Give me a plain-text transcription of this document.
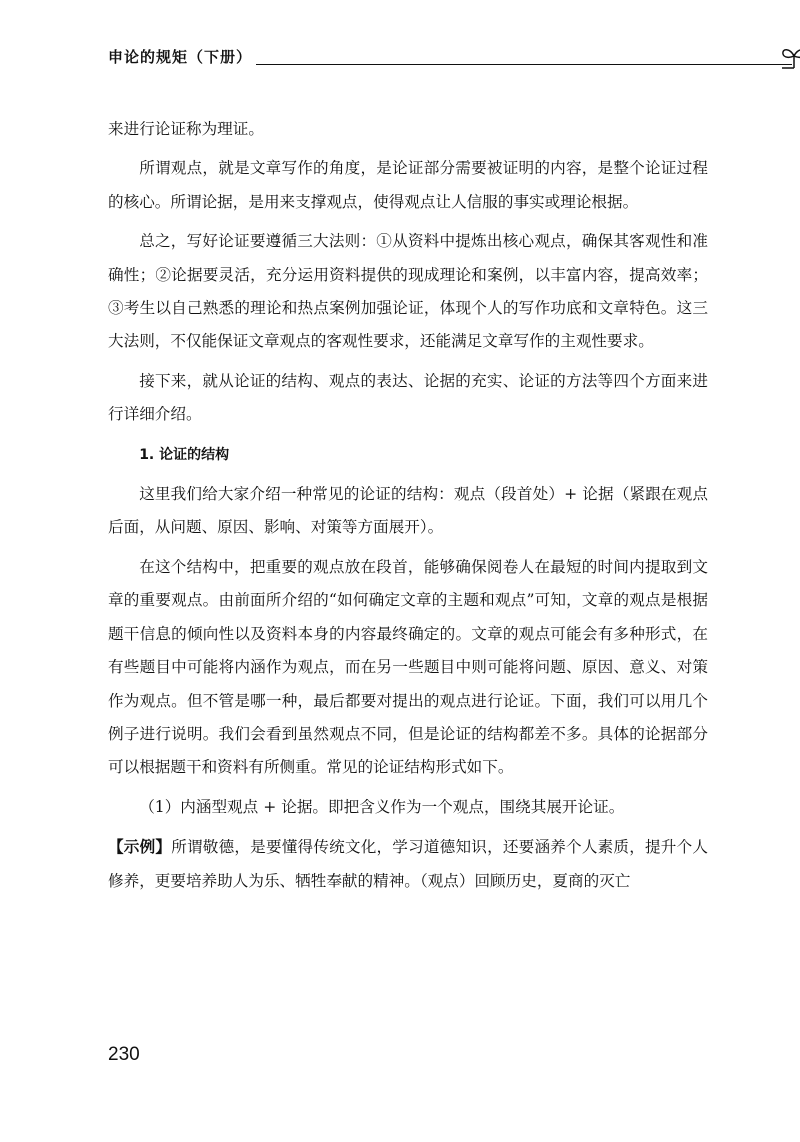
申论的规矩（下册）

来进行论证称为理证。

所谓观点，就是文章写作的角度，是论证部分需要被证明的内容，是整个论证过程的核心。所谓论据，是用来支撑观点，使得观点让人信服的事实或理论根据。

总之，写好论证要遵循三大法则：①从资料中提炼出核心观点，确保其客观性和准确性；②论据要灵活，充分运用资料提供的现成理论和案例，以丰富内容，提高效率；③考生以自己熟悉的理论和热点案例加强论证，体现个人的写作功底和文章特色。这三大法则，不仅能保证文章观点的客观性要求，还能满足文章写作的主观性要求。

接下来，就从论证的结构、观点的表达、论据的充实、论证的方法等四个方面来进行详细介绍。

1. 论证的结构

这里我们给大家介绍一种常见的论证的结构：观点（段首处）+ 论据（紧跟在观点后面，从问题、原因、影响、对策等方面展开）。

在这个结构中，把重要的观点放在段首，能够确保阅卷人在最短的时间内提取到文章的重要观点。由前面所介绍的“如何确定文章的主题和观点”可知，文章的观点是根据题干信息的倾向性以及资料本身的内容最终确定的。文章的观点可能会有多种形式，在有些题目中可能将内涵作为观点，而在另一些题目中则可能将问题、原因、意义、对策作为观点。但不管是哪一种，最后都要对提出的观点进行论证。下面，我们可以用几个例子进行说明。我们会看到虽然观点不同，但是论证的结构都差不多。具体的论据部分可以根据题干和资料有所侧重。常见的论证结构形式如下。

（1）内涵型观点 + 论据。即把含义作为一个观点，围绕其展开论证。

【示例】所谓敬德，是要懂得传统文化，学习道德知识，还要涵养个人素质，提升个人修养，更要培养助人为乐、牺牲奉献的精神。（观点）回顾历史，夏商的灭亡

230
